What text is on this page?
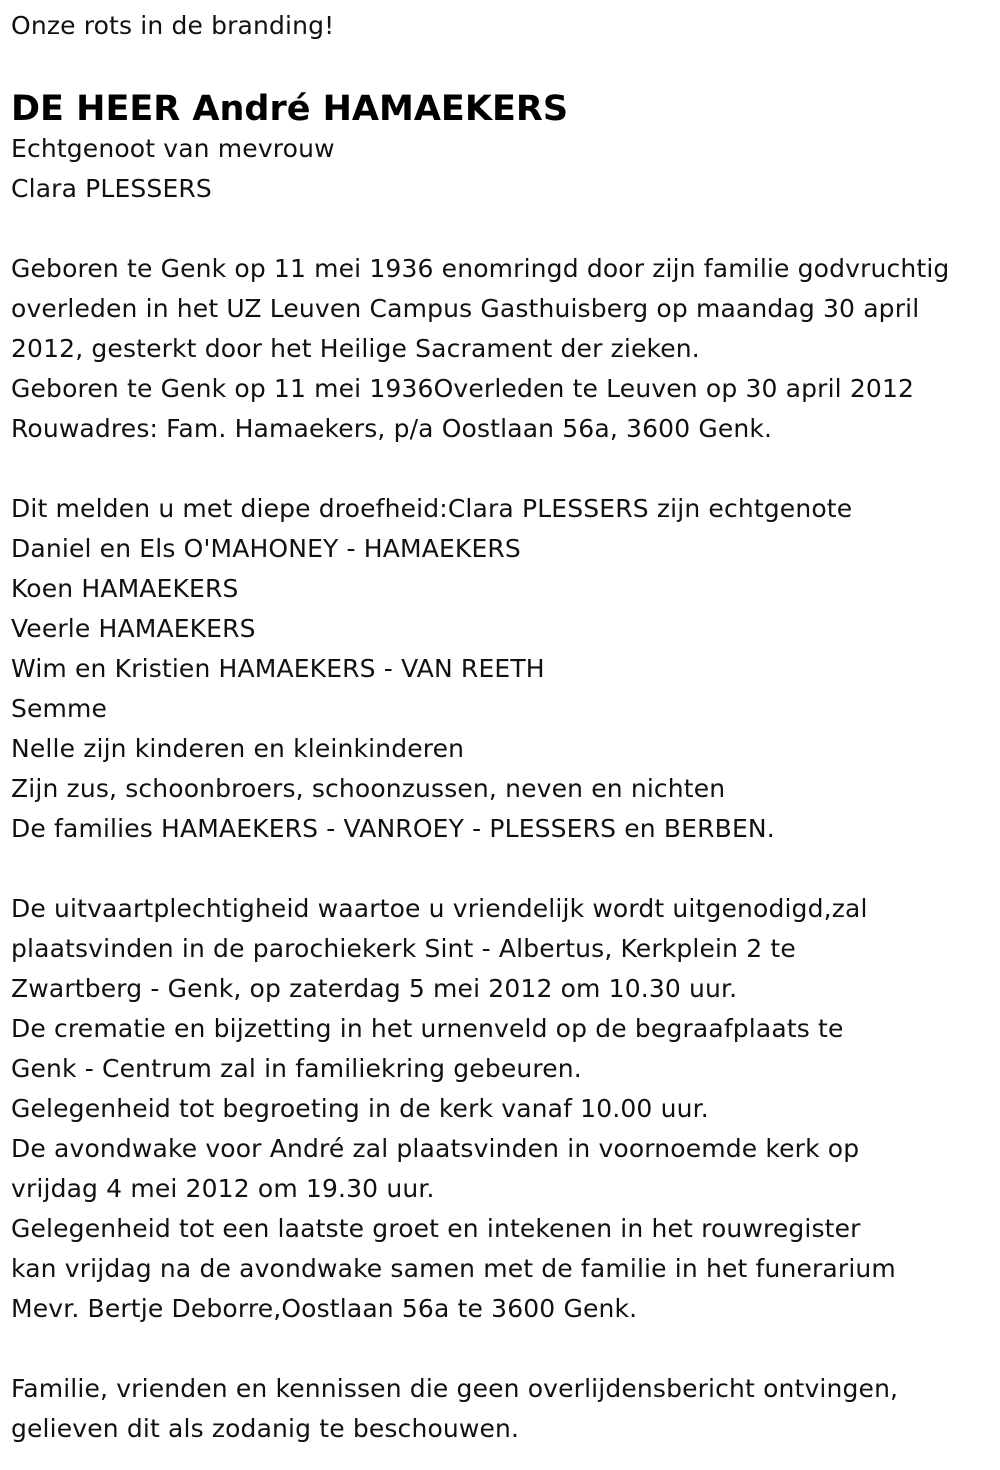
Onze rots in de branding!
DE HEER André HAMAEKERS
Echtgenoot van mevrouw
Clara PLESSERS
Geboren te Genk op 11 mei 1936 enomringd door zijn familie godvruchtig
overleden in het UZ Leuven Campus Gasthuisberg op maandag 30 april
2012, gesterkt door het Heilige Sacrament der zieken.
Geboren te Genk op 11 mei 1936Overleden te Leuven op 30 april 2012
Rouwadres: Fam. Hamaekers, p/a Oostlaan 56a, 3600 Genk.
Dit melden u met diepe droefheid:Clara PLESSERS zijn echtgenote
Daniel en Els O'MAHONEY - HAMAEKERS
Koen HAMAEKERS
Veerle HAMAEKERS
Wim en Kristien HAMAEKERS - VAN REETH
Semme
Nelle zijn kinderen en kleinkinderen
Zijn zus, schoonbroers, schoonzussen, neven en nichten
De families HAMAEKERS - VANROEY - PLESSERS en BERBEN.
De uitvaartplechtigheid waartoe u vriendelijk wordt uitgenodigd,zal
plaatsvinden in de parochiekerk Sint - Albertus, Kerkplein 2 te
Zwartberg - Genk, op zaterdag 5 mei 2012 om 10.30 uur.
De crematie en bijzetting in het urnenveld op de begraafplaats te
Genk - Centrum zal in familiekring gebeuren.
Gelegenheid tot begroeting in de kerk vanaf 10.00 uur.
De avondwake voor André zal plaatsvinden in voornoemde kerk op
vrijdag 4 mei 2012 om 19.30 uur.
Gelegenheid tot een laatste groet en intekenen in het rouwregister
kan vrijdag na de avondwake samen met de familie in het funerarium
Mevr. Bertje Deborre,Oostlaan 56a te 3600 Genk.
Familie, vrienden en kennissen die geen overlijdensbericht ontvingen,
gelieven dit als zodanig te beschouwen.
